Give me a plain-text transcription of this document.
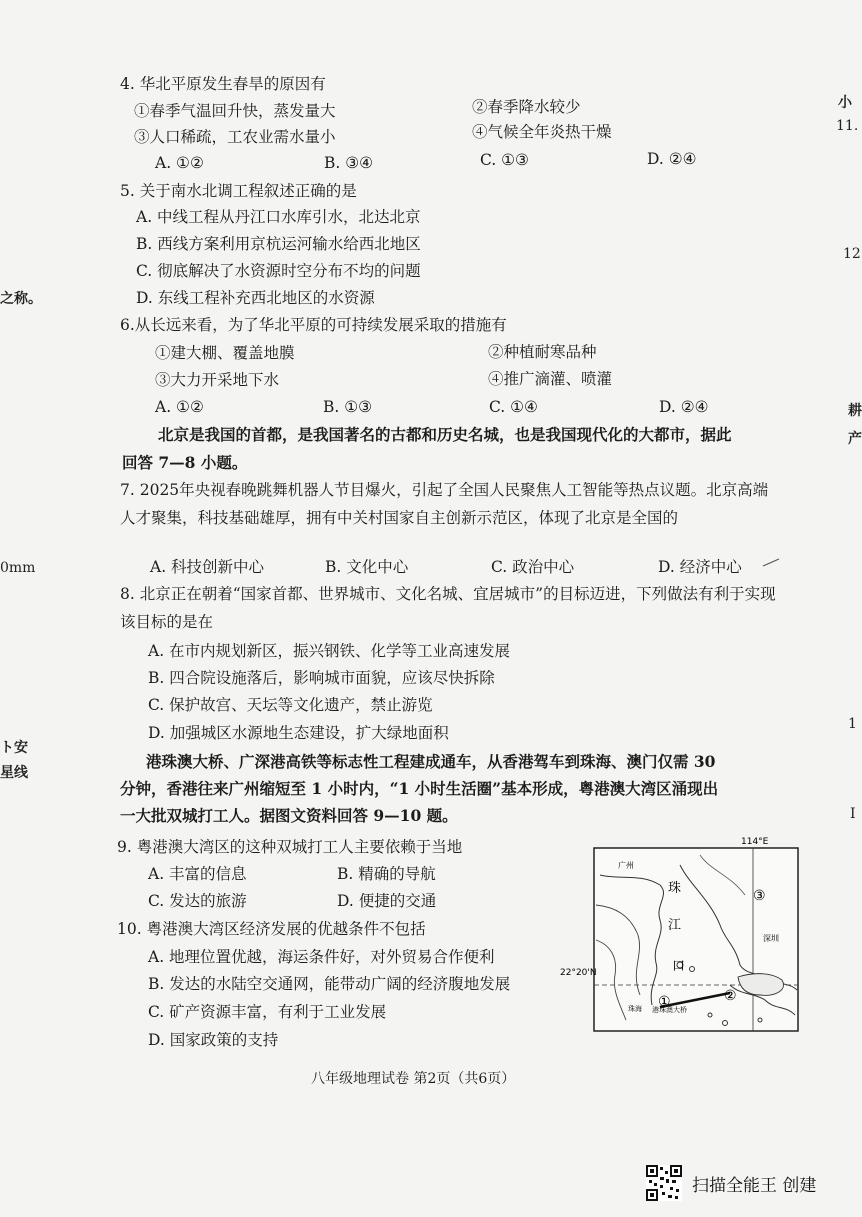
之称。
0mm
ト安
星线
小
11.
12
耕
产
1
I
4. 华北平原发生春旱的原因有
①春季气温回升快，蒸发量大	②春季降水较少
③人口稀疏，工农业需水量小	④气候全年炎热干燥
A. ①②	B. ③④	C. ①③	D. ②④
5. 关于南水北调工程叙述正确的是
A. 中线工程从丹江口水库引水，北达北京
B. 西线方案利用京杭运河输水给西北地区
C. 彻底解决了水资源时空分布不均的问题
D. 东线工程补充西北地区的水资源
6.从长远来看，为了华北平原的可持续发展采取的措施有
①建大棚、覆盖地膜	②种植耐寒品种
③大力开采地下水	④推广滴灌、喷灌
A. ①②	B. ①③	C. ①④	D. ②④
北京是我国的首都，是我国著名的古都和历史名城，也是我国现代化的大都市，据此
回答 7—8 小题。
7. 2025年央视春晚跳舞机器人节目爆火，引起了全国人民聚焦人工智能等热点议题。北京高端人才聚集，科技基础雄厚，拥有中关村国家自主创新示范区，体现了北京是全国的
A. 科技创新中心	B. 文化中心	C. 政治中心	D. 经济中心
8. 北京正在朝着“国家首都、世界城市、文化名城、宜居城市”的目标迈进，下列做法有利于实现该目标的是在
A. 在市内规划新区，振兴钢铁、化学等工业高速发展
B. 四合院设施落后，影响城市面貌，应该尽快拆除
C. 保护故宫、天坛等文化遗产，禁止游览
D. 加强城区水源地生态建设，扩大绿地面积
港珠澳大桥、广深港高铁等标志性工程建成通车，从香港驾车到珠海、澳门仅需 30
分钟，香港往来广州缩短至 1 小时内，“1 小时生活圈”基本形成，粤港澳大湾区涌现出
一大批双城打工人。据图文资料回答 9—10 题。
9. 粤港澳大湾区的这种双城打工人主要依赖于当地
A. 丰富的信息	B. 精确的导航
C. 发达的旅游	D. 便捷的交通
10. 粤港澳大湾区经济发展的优越条件不包括
A. 地理位置优越，海运条件好，对外贸易合作便利
B. 发达的水陆空交通网，能带动广阔的经济腹地发展
C. 矿产资源丰富，有利于工业发展
D. 国家政策的支持
114°E
22°20'N
广州
珠
江
口
深圳
珠海 港珠澳大桥
①	②
③
八年级地理试卷 第2页（共6页）
扫描全能王 创建
